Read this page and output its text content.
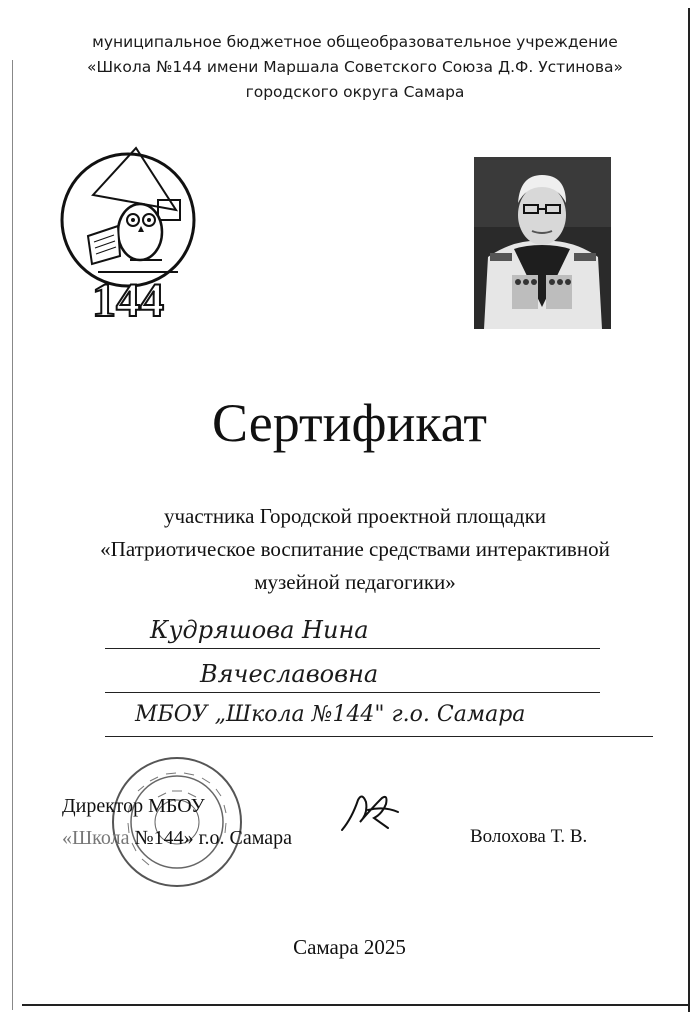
муниципальное бюджетное общеобразовательное учреждение
«Школа №144 имени Маршала Советского Союза Д.Ф. Устинова»
городского округа Самара
144
Сертификат
участника Городской проектной площадки
«Патриотическое воспитание средствами интерактивной
музейной педагогики»
Кудряшова Нина
Вячеславовна
МБОУ „Школа №144" г.о. Самара
Директор МБОУ
«Школа №144» г.о. Самара	Волохова Т. В.
Самара 2025
